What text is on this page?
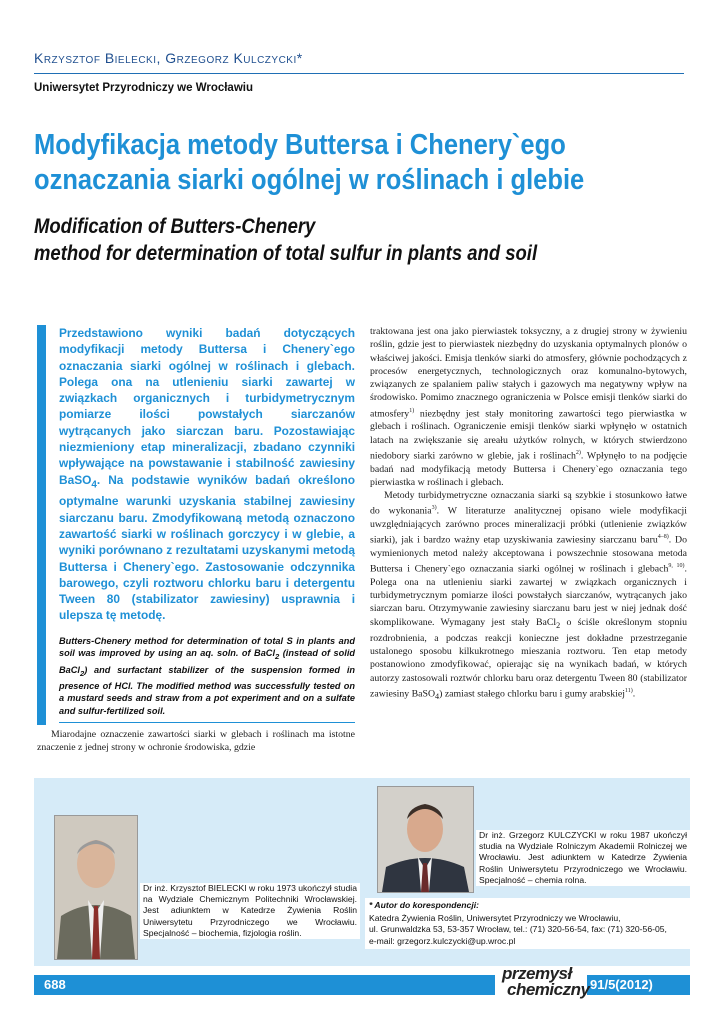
Krzysztof Bielecki, Grzegorz Kulczycki*
Uniwersytet Przyrodniczy we Wrocławiu
Modyfikacja metody Buttersa i Chenery`ego
oznaczania siarki ogólnej w roślinach i glebie
Modification of Butters-Chenery
method for determination of total sulfur in plants and soil
Przedstawiono wyniki badań dotyczących modyfikacji metody Buttersa i Chenery`ego oznaczania siarki ogólnej w roślinach i glebach. Polega ona na utlenieniu siarki zawartej w związkach organicznych i turbidymetrycznym pomiarze ilości powstałych siarczanów wytrącanych jako siarczan baru. Pozostawiając niezmieniony etap mineralizacji, zbadano czynniki wpływające na powstawanie i stabilność zawiesiny BaSO$_4$. Na podstawie wyników badań określono optymalne warunki uzyskania stabilnej zawiesiny siarczanu baru. Zmodyfikowaną metodą oznaczono zawartość siarki w roślinach gorczycy i w glebie, a wyniki porównano z rezultatami uzyskanymi metodą Buttersa i Chenery`ego. Zastosowanie odczynnika barowego, czyli roztworu chlorku baru i detergentu Tween 80 (stabilizator zawiesiny) usprawnia i ulepsza tę metodę.
Butters-Chenery method for determination of total S in plants and soil was improved by using an aq. soln. of BaCl$_2$ (instead of solid BaCl$_2$) and surfactant stabilizer of the suspension formed in presence of HCl. The modified method was successfully tested on a mustard seeds and straw from a pot experiment and on a sulfate and sulfur-fertilized soil.

Miarodajne oznaczenie zawartości siarki w glebach i roślinach ma istotne znaczenie z jednej strony w ochronie środowiska, gdzie

traktowana jest ona jako pierwiastek toksyczny, a z drugiej strony w żywieniu roślin, gdzie jest to pierwiastek niezbędny do uzyskania optymalnych plonów o właściwej jakości. Emisja tlenków siarki do atmosfery, głównie pochodzących z procesów energetycznych, technologicznych oraz komunalno-bytowych, związanych ze spalaniem paliw stałych i gazowych ma negatywny wpływ na środowisko. Pomimo znacznego ograniczenia w Polsce emisji tlenków siarki do atmosfery$^{1)}$ niezbędny jest stały monitoring zawartości tego pierwiastka w glebach i roślinach. Ograniczenie emisji tlenków siarki wpłynęło w ostatnich latach na zwiększanie się areału użytków rolnych, w których stwierdzono niedobory siarki zarówno w glebie, jak i roślinach$^{2)}$. Wpłynęło to na podjęcie badań nad modyfikacją metody Buttersa i Chenery`ego oznaczania tego pierwiastka w roślinach i glebach.

Metody turbidymetryczne oznaczania siarki są szybkie i stosunkowo łatwe do wykonania$^{3)}$. W literaturze analitycznej opisano wiele modyfikacji uwzględniających zarówno proces mineralizacji próbki (utlenienie związków siarki), jak i bardzo ważny etap uzyskiwania zawiesiny siarczanu baru$^{4-8)}$. Do wymienionych metod należy akceptowana i powszechnie stosowana metoda Buttersa i Chenery`ego oznaczania siarki ogólnej w roślinach i glebach$^{9, 10)}$. Polega ona na utlenieniu siarki zawartej w związkach organicznych i turbidymetrycznym pomiarze ilości powstałych siarczanów, wytrącanych jako siarczan baru. Otrzymywanie zawiesiny siarczanu baru jest w niej jednak dość skomplikowane. Wymagany jest stały BaCl$_2$ o ściśle określonym stopniu rozdrobnienia, a podczas reakcji konieczne jest dokładne przestrzeganie ustalonego sposobu kilkukrotnego mieszania roztworu. Ten etap metody postanowiono zmodyfikować, opierając się na wynikach badań, w których autorzy zastosowali roztwór chlorku baru oraz detergentu Tween 80 (stabilizator zawiesiny BaSO$_4$) zamiast stałego chlorku baru i gumy arabskiej$^{11)}$.

Dr inż. Krzysztof BIELECKI w roku 1973 ukończył studia na Wydziale Chemicznym Politechniki Wrocławskiej. Jest adiunktem w Katedrze Żywienia Roślin Uniwersytetu Przyrodniczego we Wrocławiu. Specjalność – biochemia, fizjologia roślin.
Dr inż. Grzegorz KULCZYCKI w roku 1987 ukończył studia na Wydziale Rolniczym Akademii Rolniczej we Wrocławiu. Jest adiunktem w Katedrze Żywienia Roślin Uniwersytetu Przyrodniczego we Wrocławiu. Specjalność – chemia rolna.
* Autor do korespondencji:
Katedra Żywienia Roślin, Uniwersytet Przyrodniczy we Wrocławiu,
ul. Grunwaldzka 53, 53-357 Wrocław, tel.: (71) 320-56-54, fax: (71) 320-56-05,
e-mail: grzegorz.kulczycki@up.wroc.pl
688
przemysł
chemiczny 91/5(2012)
